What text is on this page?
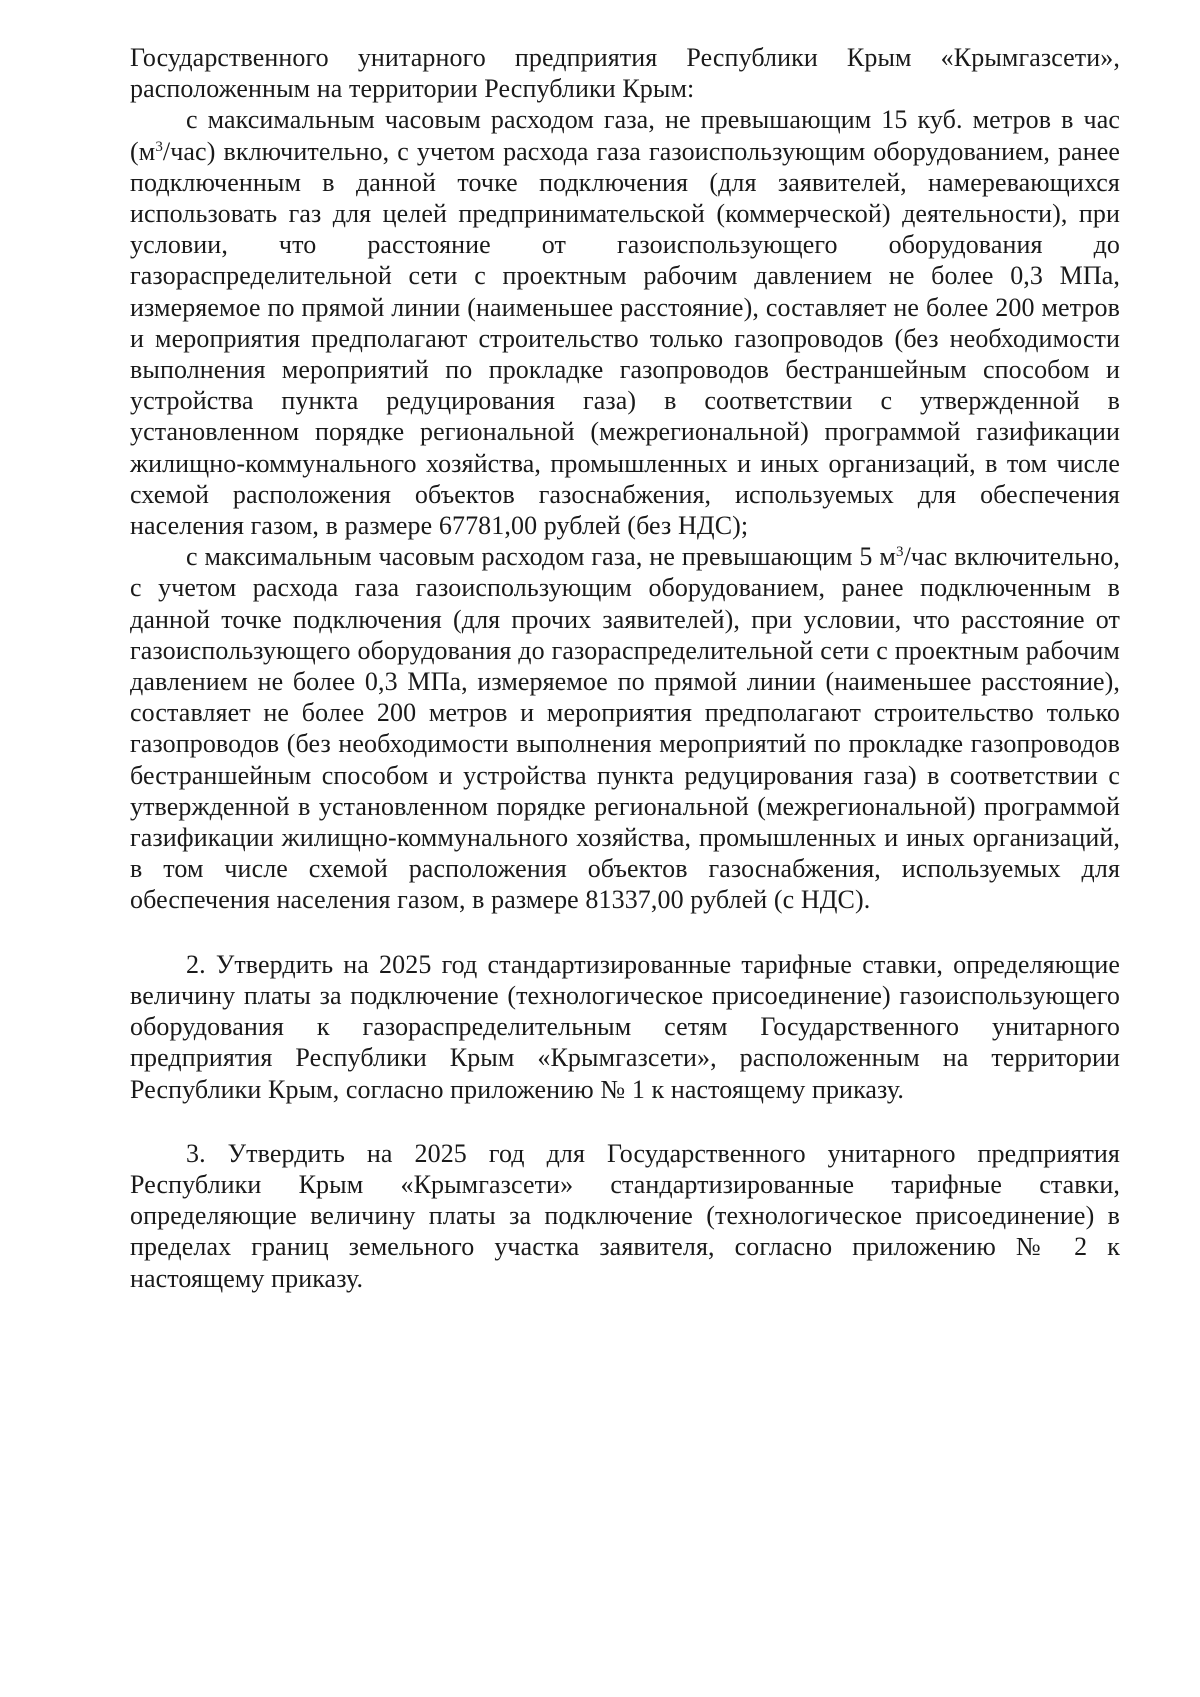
Государственного унитарного предприятия Республики Крым «Крымгазсети», расположенным на территории Республики Крым:

с максимальным часовым расходом газа, не превышающим 15 куб. метров в час $(м^3/час)$ включительно, с учетом расхода газа газоиспользующим оборудованием, ранее подключенным в данной точке подключения (для заявителей, намеревающихся использовать газ для целей предпринимательской (коммерческой) деятельности), при условии, что расстояние от газоиспользующего оборудования до газораспределительной сети с проектным рабочим давлением не более 0,3 МПа, измеряемое по прямой линии (наименьшее расстояние), составляет не более 200 метров и мероприятия предполагают строительство только газопроводов (без необходимости выполнения мероприятий по прокладке газопроводов бестраншейным способом и устройства пункта редуцирования газа) в соответствии с утвержденной в установленном порядке региональной (межрегиональной) программой газификации жилищно-коммунального хозяйства, промышленных и иных организаций, в том числе схемой расположения объектов газоснабжения, используемых для обеспечения населения газом, в размере 67781,00 рублей (без НДС);

с максимальным часовым расходом газа, не превышающим 5 $м^3$/час включительно, с учетом расхода газа газоиспользующим оборудованием, ранее подключенным в данной точке подключения (для прочих заявителей), при условии, что расстояние от газоиспользующего оборудования до газораспределительной сети с проектным рабочим давлением не более 0,3 МПа, измеряемое по прямой линии (наименьшее расстояние), составляет не более 200 метров и мероприятия предполагают строительство только газопроводов (без необходимости выполнения мероприятий по прокладке газопроводов бестраншейным способом и устройства пункта редуцирования газа) в соответствии с утвержденной в установленном порядке региональной (межрегиональной) программой газификации жилищно-коммунального хозяйства, промышленных и иных организаций, в том числе схемой расположения объектов газоснабжения, используемых для обеспечения населения газом, в размере 81337,00 рублей (с НДС).

2. Утвердить на 2025 год стандартизированные тарифные ставки, определяющие величину платы за подключение (технологическое присоединение) газоиспользующего оборудования к газораспределительным сетям Государственного унитарного предприятия Республики Крым «Крымгазсети», расположенным на территории Республики Крым, согласно приложению № 1 к настоящему приказу.

3. Утвердить на 2025 год для Государственного унитарного предприятия Республики Крым «Крымгазсети» стандартизированные тарифные ставки, определяющие величину платы за подключение (технологическое присоединение) в пределах границ земельного участка заявителя, согласно приложению № 2 к настоящему приказу.
